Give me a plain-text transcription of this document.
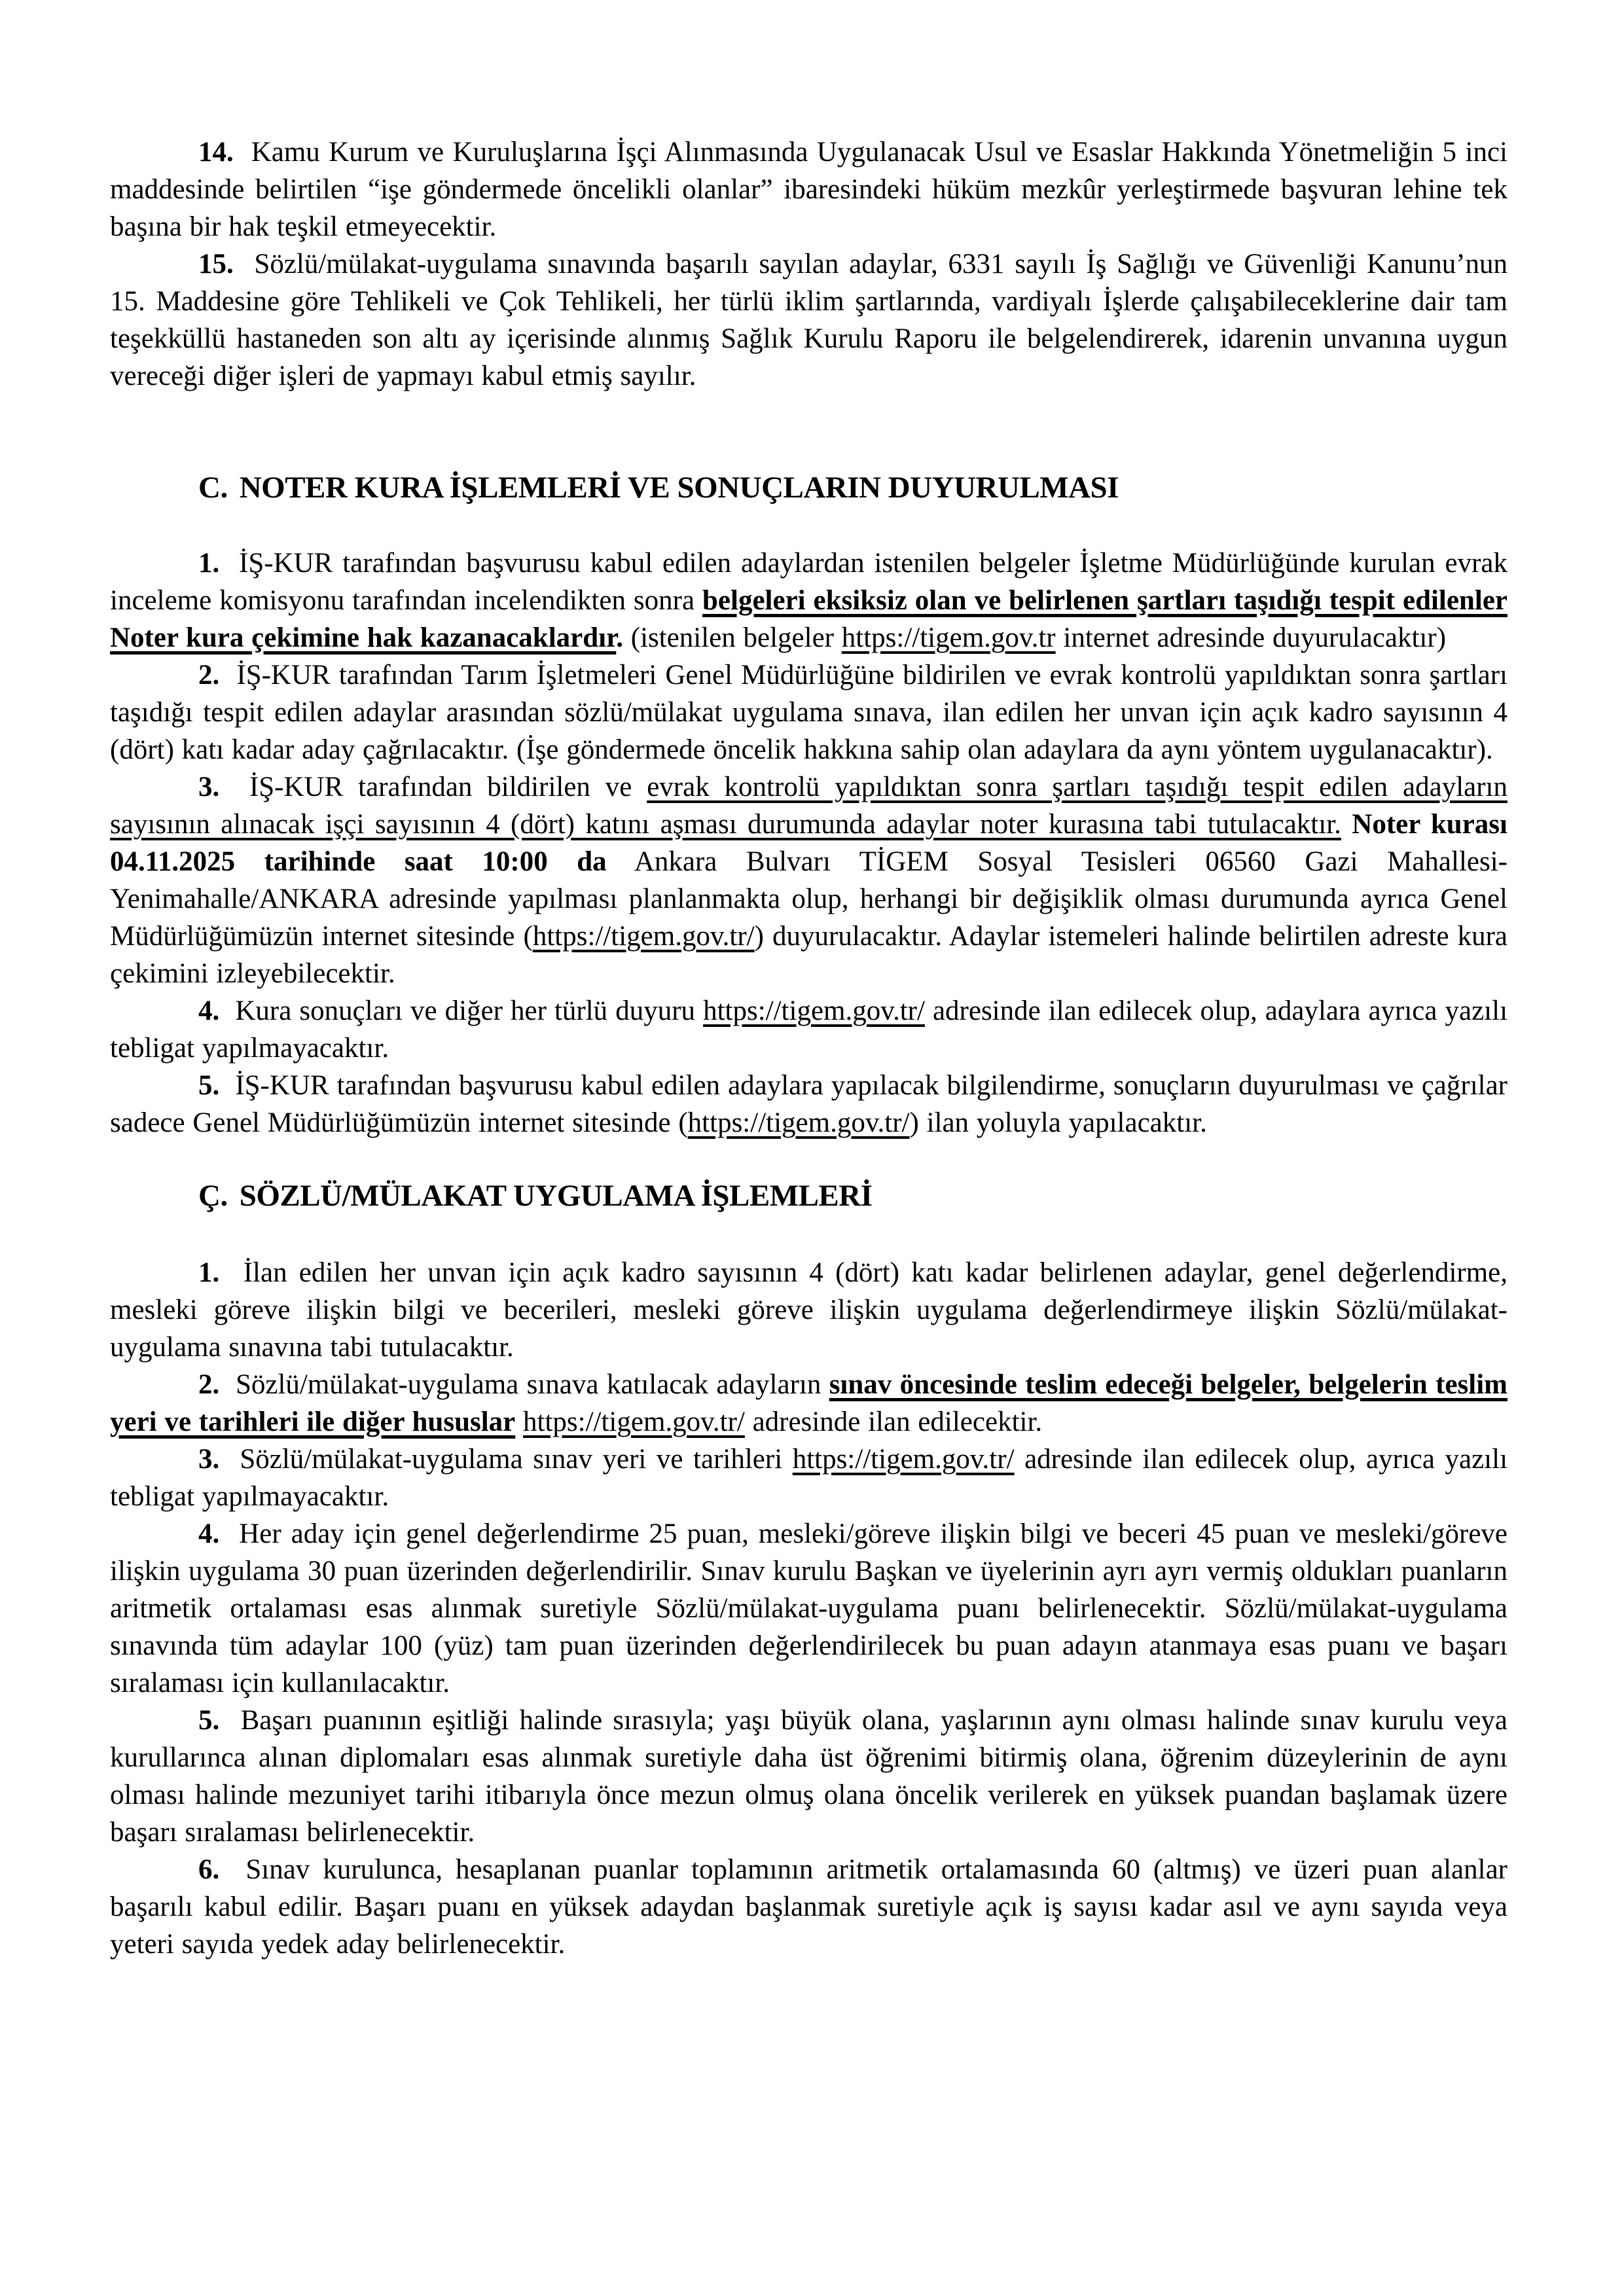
14. Kamu Kurum ve Kuruluşlarına İşçi Alınmasında Uygulanacak Usul ve Esaslar Hakkında Yönetmeliğin 5 inci maddesinde belirtilen “işe göndermede öncelikli olanlar” ibaresindeki hüküm mezkûr yerleştirmede başvuran lehine tek başına bir hak teşkil etmeyecektir.

15. Sözlü/mülakat-uygulama sınavında başarılı sayılan adaylar, 6331 sayılı İş Sağlığı ve Güvenliği Kanunu’nun 15. Maddesine göre Tehlikeli ve Çok Tehlikeli, her türlü iklim şartlarında, vardiyalı İşlerde çalışabileceklerine dair tam teşekküllü hastaneden son altı ay içerisinde alınmış Sağlık Kurulu Raporu ile belgelendirerek, idarenin unvanına uygun vereceği diğer işleri de yapmayı kabul etmiş sayılır.

C. NOTER KURA İŞLEMLERİ VE SONUÇLARIN DUYURULMASI

1. İŞ-KUR tarafından başvurusu kabul edilen adaylardan istenilen belgeler İşletme Müdürlüğünde kurulan evrak inceleme komisyonu tarafından incelendikten sonra belgeleri eksiksiz olan ve belirlenen şartları taşıdığı tespit edilenler Noter kura çekimine hak kazanacaklardır. (istenilen belgeler https://tigem.gov.tr internet adresinde duyurulacaktır)

2. İŞ-KUR tarafından Tarım İşletmeleri Genel Müdürlüğüne bildirilen ve evrak kontrolü yapıldıktan sonra şartları taşıdığı tespit edilen adaylar arasından sözlü/mülakat uygulama sınava, ilan edilen her unvan için açık kadro sayısının 4 (dört) katı kadar aday çağrılacaktır. (İşe göndermede öncelik hakkına sahip olan adaylara da aynı yöntem uygulanacaktır).

3. İŞ-KUR tarafından bildirilen ve evrak kontrolü yapıldıktan sonra şartları taşıdığı tespit edilen adayların sayısının alınacak işçi sayısının 4 (dört) katını aşması durumunda adaylar noter kurasına tabi tutulacaktır. Noter kurası 04.11.2025 tarihinde saat 10:00 da Ankara Bulvarı TİGEM Sosyal Tesisleri 06560 Gazi Mahallesi-Yenimahalle/ANKARA adresinde yapılması planlanmakta olup, herhangi bir değişiklik olması durumunda ayrıca Genel Müdürlüğümüzün internet sitesinde (https://tigem.gov.tr/) duyurulacaktır. Adaylar istemeleri halinde belirtilen adreste kura çekimini izleyebilecektir.

4. Kura sonuçları ve diğer her türlü duyuru https://tigem.gov.tr/ adresinde ilan edilecek olup, adaylara ayrıca yazılı tebligat yapılmayacaktır.

5. İŞ-KUR tarafından başvurusu kabul edilen adaylara yapılacak bilgilendirme, sonuçların duyurulması ve çağrılar sadece Genel Müdürlüğümüzün internet sitesinde (https://tigem.gov.tr/) ilan yoluyla yapılacaktır.

Ç. SÖZLÜ/MÜLAKAT UYGULAMA İŞLEMLERİ

1. İlan edilen her unvan için açık kadro sayısının 4 (dört) katı kadar belirlenen adaylar, genel değerlendirme, mesleki göreve ilişkin bilgi ve becerileri, mesleki göreve ilişkin uygulama değerlendirmeye ilişkin Sözlü/mülakat-uygulama sınavına tabi tutulacaktır.

2. Sözlü/mülakat-uygulama sınava katılacak adayların sınav öncesinde teslim edeceği belgeler, belgelerin teslim yeri ve tarihleri ile diğer hususlar https://tigem.gov.tr/ adresinde ilan edilecektir.

3. Sözlü/mülakat-uygulama sınav yeri ve tarihleri https://tigem.gov.tr/ adresinde ilan edilecek olup, ayrıca yazılı tebligat yapılmayacaktır.

4. Her aday için genel değerlendirme 25 puan, mesleki/göreve ilişkin bilgi ve beceri 45 puan ve mesleki/göreve ilişkin uygulama 30 puan üzerinden değerlendirilir. Sınav kurulu Başkan ve üyelerinin ayrı ayrı vermiş oldukları puanların aritmetik ortalaması esas alınmak suretiyle Sözlü/mülakat-uygulama puanı belirlenecektir. Sözlü/mülakat-uygulama sınavında tüm adaylar 100 (yüz) tam puan üzerinden değerlendirilecek bu puan adayın atanmaya esas puanı ve başarı sıralaması için kullanılacaktır.

5. Başarı puanının eşitliği halinde sırasıyla; yaşı büyük olana, yaşlarının aynı olması halinde sınav kurulu veya kurullarınca alınan diplomaları esas alınmak suretiyle daha üst öğrenimi bitirmiş olana, öğrenim düzeylerinin de aynı olması halinde mezuniyet tarihi itibarıyla önce mezun olmuş olana öncelik verilerek en yüksek puandan başlamak üzere başarı sıralaması belirlenecektir.

6. Sınav kurulunca, hesaplanan puanlar toplamının aritmetik ortalamasında 60 (altmış) ve üzeri puan alanlar başarılı kabul edilir. Başarı puanı en yüksek adaydan başlanmak suretiyle açık iş sayısı kadar asıl ve aynı sayıda veya yeteri sayıda yedek aday belirlenecektir.
